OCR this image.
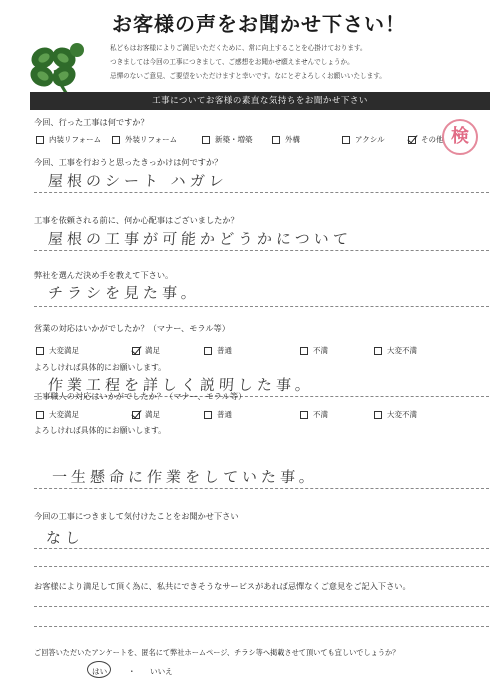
お客様の声をお聞かせ下さい！
私どもはお客様によりご満足いただくために、常に向上することを心掛けております。
つきましては今回の工事につきまして、ご感想をお聞かせ願えませんでしょうか。
忌憚のないご意見、ご要望をいただけますと幸いです。なにとぞよろしくお願いいたします。
工事についてお客様の素直な気持ちをお聞かせ下さい
今回、行った工事は何ですか？
内装リフォーム	外装リフォーム	新築・増築	外構	アクシル	その他 検
今回、工事を行おうと思ったきっかけは何ですか？
屋根のシート ハガレ
工事を依頼される前に、何か心配事はございましたか？
屋根の工事が可能かどうかについて
弊社を選んだ決め手を教えて下さい。
チラシを見た事。
営業の対応はいかがでしたか？（マナー、モラル等）
大変満足	満足	普通	不満	大変不満
よろしければ具体的にお願いします。
作業工程を詳しく説明した事。
工事職人の対応はいかがでしたか？（マナー、モラル等）
大変満足	満足	普通	不満	大変不満
よろしければ具体的にお願いします。
一生懸命に作業をしていた事。
今回の工事につきまして気付けたことをお聞かせ下さい
なし
お客様により満足して頂く為に、私共にできそうなサービスがあれば忌憚なくご意見をご記入下さい。
ご回答いただいたアンケートを、匿名にて弊社ホームページ、チラシ等へ掲載させて頂いても宜しいでしょうか？
はい	・ いいえ
